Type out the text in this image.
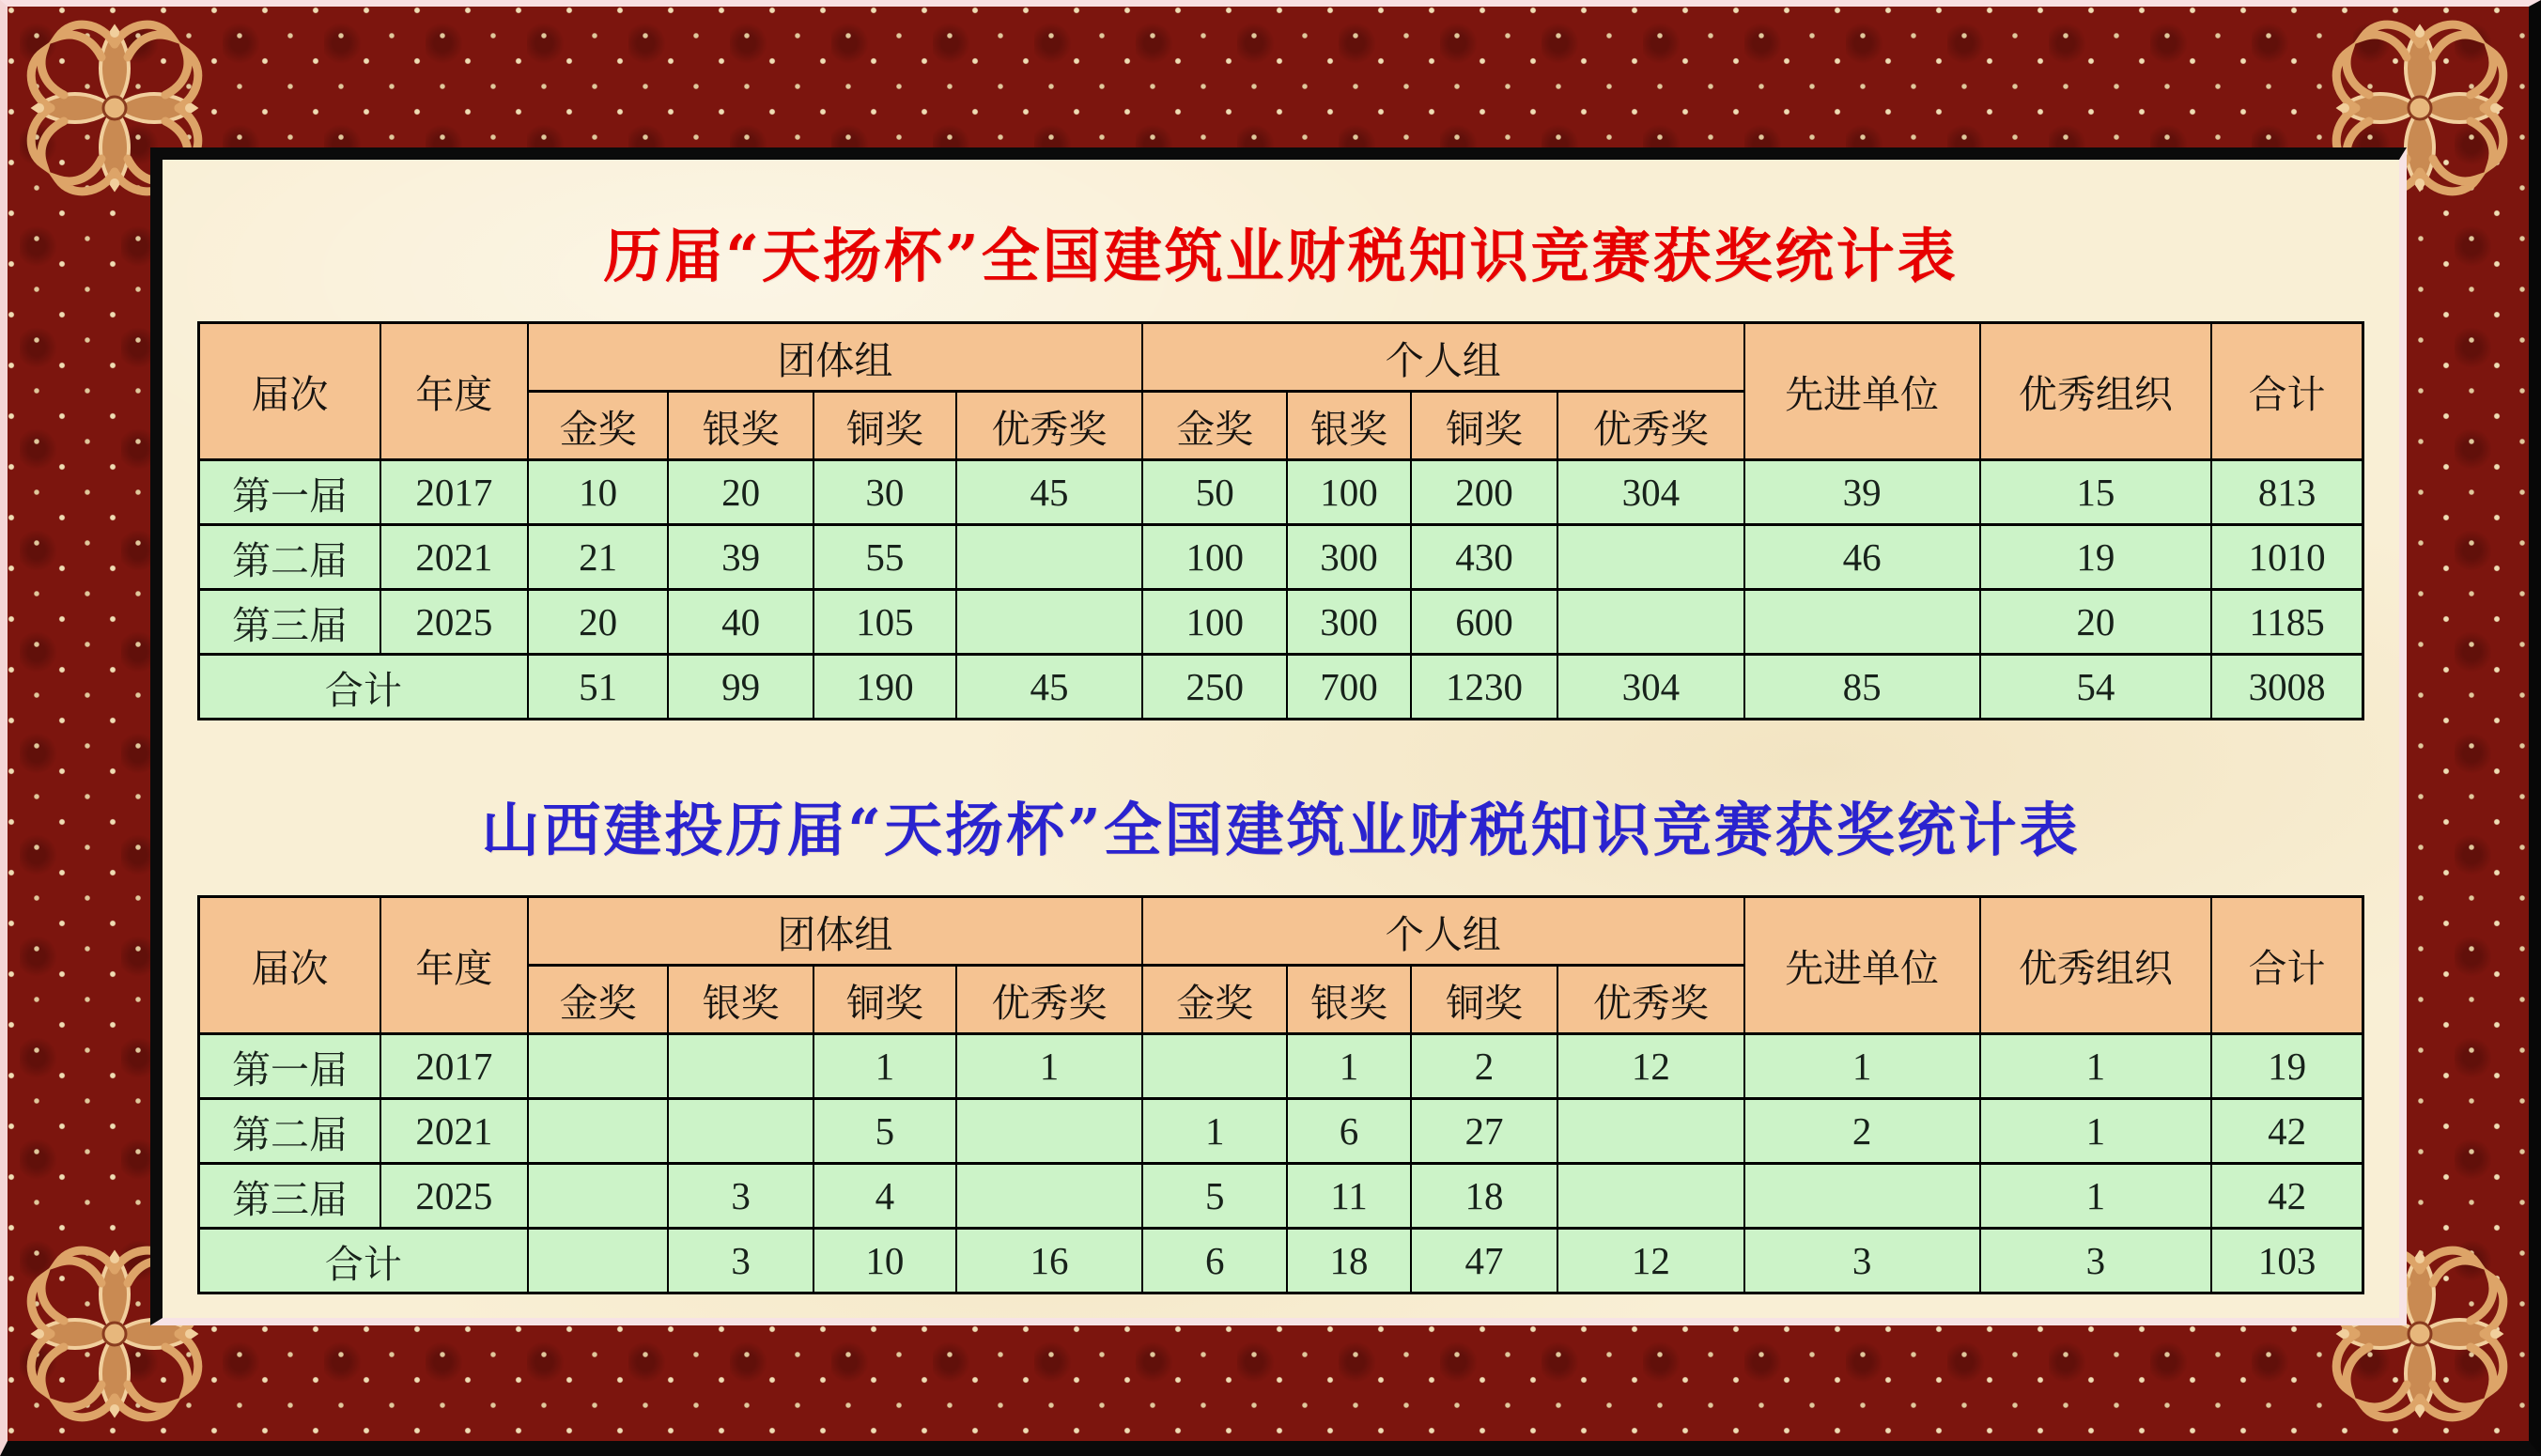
历届“天扬杯”全国建筑业财税知识竞赛获奖统计表
届次	年度	团体组				个人组				先进单位	优秀组织	合计
		金奖	银奖	铜奖	优秀奖	金奖	银奖	铜奖	优秀奖			
第一届	2017	10	20	30	45	50	100	200	304	39	15	813
第二届	2021	21	39	55		100	300	430		46	19	1010
第三届	2025	20	40	105		100	300	600			20	1185
合计		51	99	190	45	250	700	1230	304	85	54	3008
山西建投历届“天扬杯”全国建筑业财税知识竞赛获奖统计表
届次	年度	团体组				个人组				先进单位	优秀组织	合计
		金奖	银奖	铜奖	优秀奖	金奖	银奖	铜奖	优秀奖			
第一届	2017			1	1		1	2	12	1	1	19
第二届	2021			5		1	6	27		2	1	42
第三届	2025		3	4		5	11	18			1	42
合计			3	10	16	6	18	47	12	3	3	103
